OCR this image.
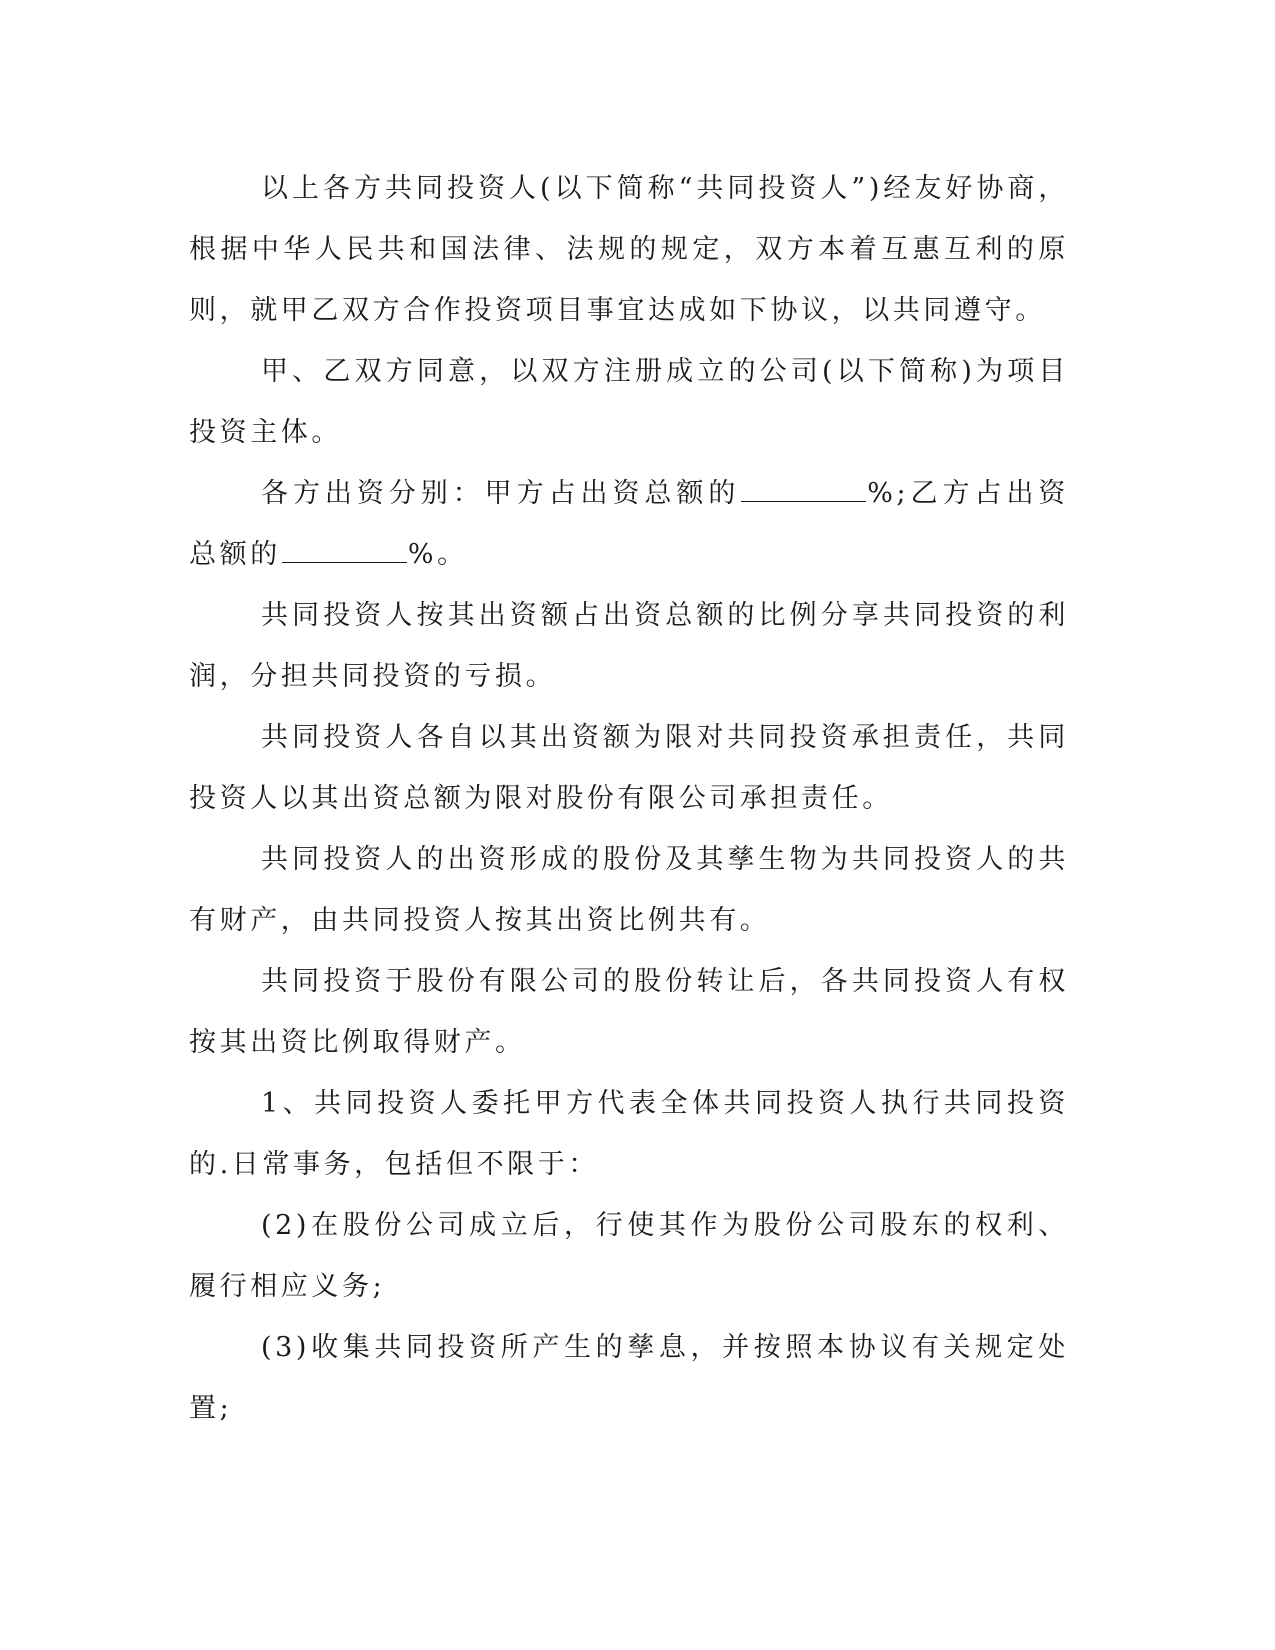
以上各方共同投资人(以下简称“共同投资人”)经友好协商，根据中华人民共和国法律、法规的规定，双方本着互惠互利的原则，就甲乙双方合作投资项目事宜达成如下协议，以共同遵守。

甲、乙双方同意，以双方注册成立的公司(以下简称)为项目投资主体。

各方出资分别：甲方占出资总额的	%;乙方占出资总额的	%。

共同投资人按其出资额占出资总额的比例分享共同投资的利润，分担共同投资的亏损。

共同投资人各自以其出资额为限对共同投资承担责任，共同投资人以其出资总额为限对股份有限公司承担责任。

共同投资人的出资形成的股份及其孳生物为共同投资人的共有财产，由共同投资人按其出资比例共有。

共同投资于股份有限公司的股份转让后，各共同投资人有权按其出资比例取得财产。

1、共同投资人委托甲方代表全体共同投资人执行共同投资的.日常事务，包括但不限于：

(2)在股份公司成立后，行使其作为股份公司股东的权利、履行相应义务;

(3)收集共同投资所产生的孳息，并按照本协议有关规定处置;
